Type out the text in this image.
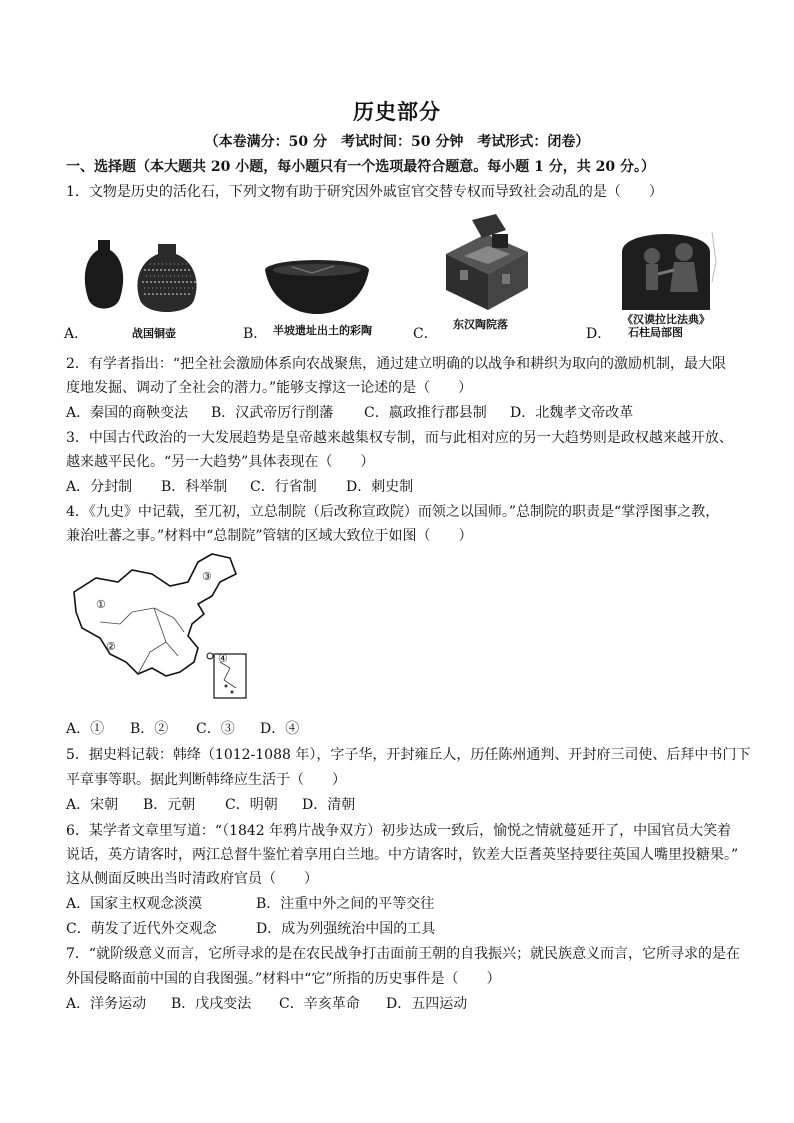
历史部分
（本卷满分：50 分　考试时间：50 分钟　考试形式：闭卷）
一、选择题（本大题共 20 小题，每小题只有一个选项最符合题意。每小题 1 分，共 20 分。）
1．文物是历史的活化石，下列文物有助于研究因外戚宦官交替专权而导致社会动乱的是（　　）
A．	战国铜壶	B． 半坡遗址出土的彩陶	C．
东汉陶院落
D．
《汉谟拉比法典》
石柱局部图
2．有学者指出：“把全社会激励体系向农战聚焦，通过建立明确的以战争和耕织为取向的激励机制，最大限
度地发掘、调动了全社会的潜力。”能够支撑这一论述的是（　　）
A．秦国的商鞅变法 B．汉武帝厉行削藩 C．嬴政推行郡县制 D．北魏孝文帝改革
3．中国古代政治的一大发展趋势是皇帝越来越集权专制，而与此相对应的另一大趋势则是政权越来越开放、
越来越平民化。“另一大趋势”具体表现在（　　）
A．分封制 B．科举制 C．行省制 D．刺史制
4．《九史》中记载，至兀初，立总制院（后改称宣政院）而领之以国师。”总制院的职责是“掌浮图事之教，
兼治吐蕃之事。”材料中“总制院”管辖的区域大致位于如图（　　）
①
②
③
④
A．① B．② C．③ D．④
5．据史料记载：韩绛（1012-1088 年），字子华，开封雍丘人，历任陈州通判、开封府三司使、后拜中书门下
平章事等职。据此判断韩绛应生活于（　　）
A．宋朝 B．元朝 C．明朝 D．清朝
6．某学者文章里写道：“（1842 年鸦片战争双方）初步达成一致后，愉悦之情就蔓延开了，中国官员大笑着
说话，英方请客时，两江总督牛鉴忙着享用白兰地。中方请客时，钦差大臣耆英坚持要往英国人嘴里投糖果。”
这从侧面反映出当时清政府官员（　　）
A．国家主权观念淡漠	B．注重中外之间的平等交往
C．萌发了近代外交观念	D．成为列强统治中国的工具
7．“就阶级意义而言，它所寻求的是在农民战争打击面前王朝的自我振兴；就民族意义而言，它所寻求的是在
外国侵略面前中国的自我图强。”材料中“它”所指的历史事件是（　　）
A．洋务运动 B．戊戌变法 C．辛亥革命 D．五四运动
